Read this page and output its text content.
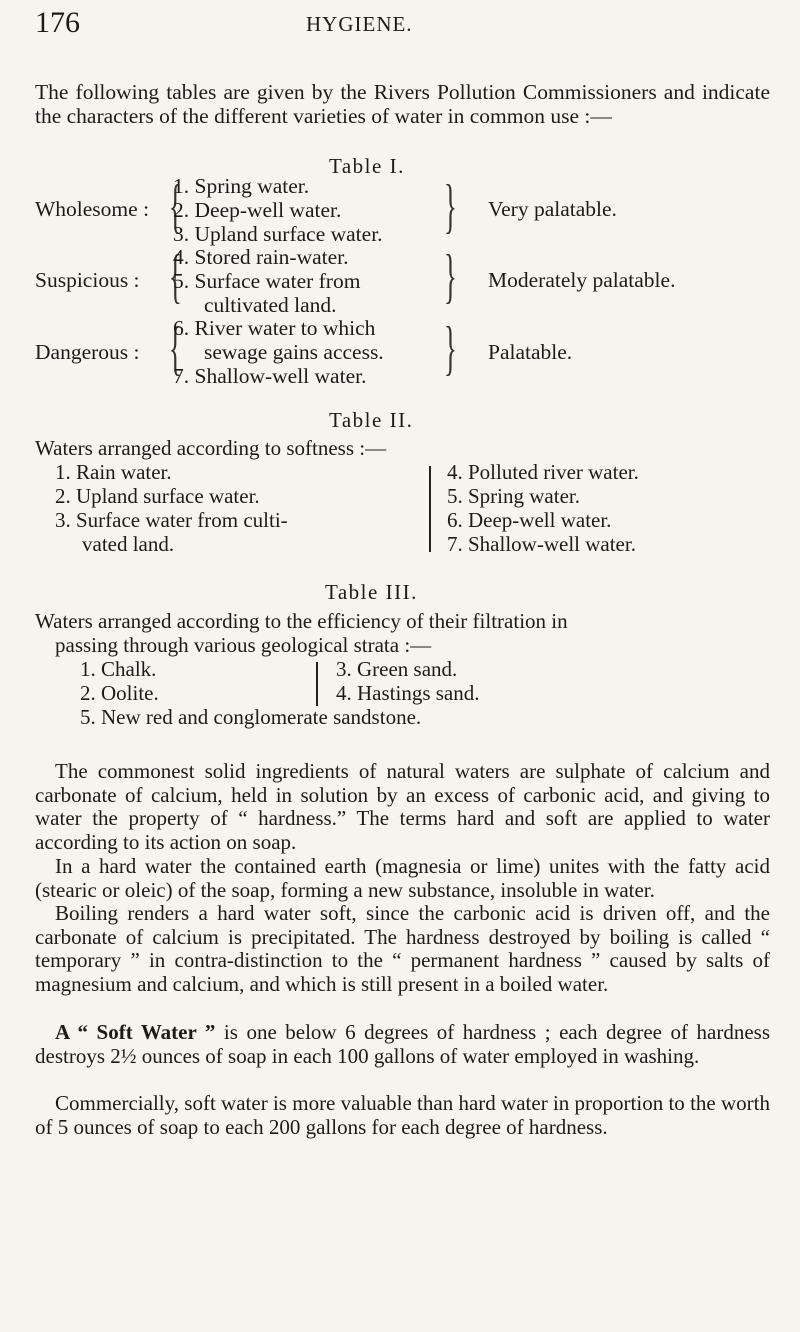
176	HYGIENE.
The following tables are given by the Rivers Pollution Commissioners and indicate the characters of the different varieties of water in common use :—
Table I.
Wholesome : {
1. Spring water.
2. Deep-well water.
3. Upland surface water. } Very palatable.
Suspicious : {
4. Stored rain-water.
5. Surface water from
cultivated land. } Moderately palatable.
Dangerous : {
6. River water to which
sewage gains access.
7. Shallow-well water. } Palatable.
Table II.
Waters arranged according to softness :—
1. Rain water.
2. Upland surface water.
3. Surface water from culti-
vated land.
4. Polluted river water.
5. Spring water.
6. Deep-well water.
7. Shallow-well water.
Table III.
Waters arranged according to the efficiency of their filtration in
passing through various geological strata :—
1. Chalk.
2. Oolite.
3. Green sand.
4. Hastings sand.
5. New red and conglomerate sandstone.
The commonest solid ingredients of natural waters are sulphate of calcium and carbonate of calcium, held in solution by an excess of carbonic acid, and giving to water the property of “ hardness.” The terms hard and soft are applied to water according to its action on soap.
In a hard water the contained earth (magnesia or lime) unites with the fatty acid (stearic or oleic) of the soap, forming a new substance, insoluble in water.
Boiling renders a hard water soft, since the carbonic acid is driven off, and the carbonate of calcium is precipitated. The hardness destroyed by boiling is called “ temporary ” in contra-distinction to the “ permanent hardness ” caused by salts of magnesium and calcium, and which is still present in a boiled water.
A “ Soft Water ” is one below 6 degrees of hardness ; each degree of hardness destroys 2½ ounces of soap in each 100 gallons of water employed in washing.
Commercially, soft water is more valuable than hard water in proportion to the worth of 5 ounces of soap to each 200 gallons for each degree of hardness.
